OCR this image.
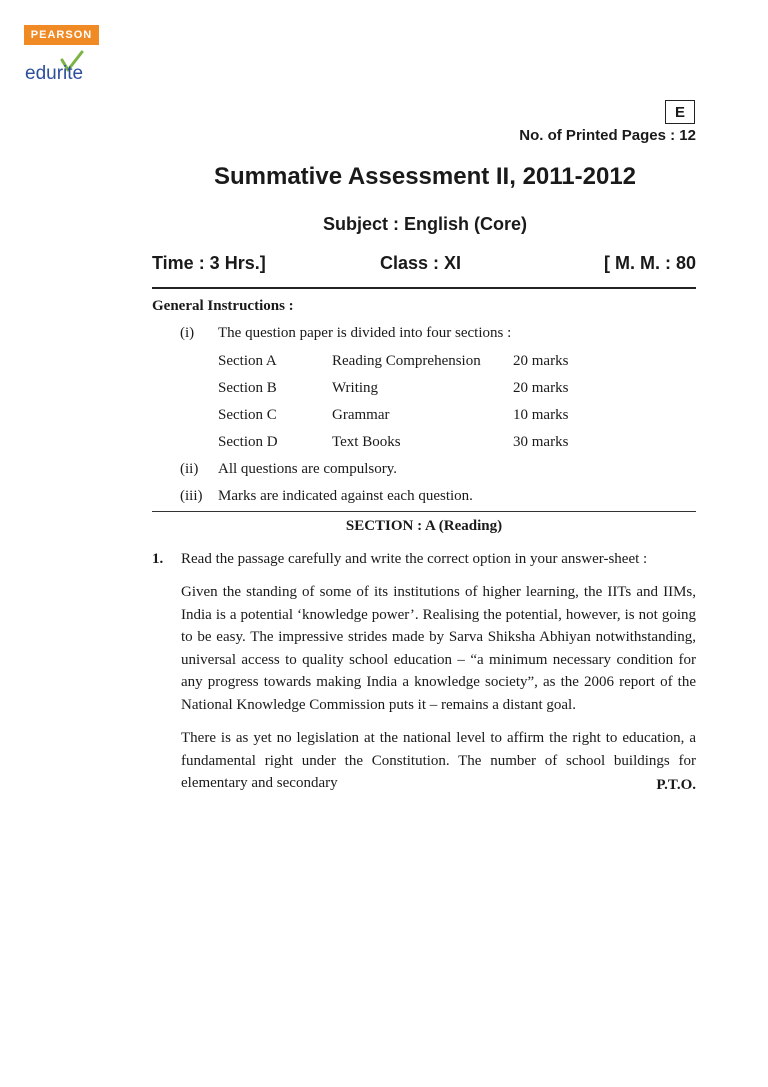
PEARSON
edurite
E
No. of Printed Pages : 12
Summative Assessment II, 2011-2012
Subject : English (Core)
Time : 3 Hrs.]	Class : XI	[ M. M. : 80
General Instructions :
(i) The question paper is divided into four sections :
Section A	Reading Comprehension 20 marks
Section B	Writing	20 marks
Section C	Grammar	10 marks
Section D	Text Books	30 marks
(ii) All questions are compulsory.
(iii) Marks are indicated against each question.
SECTION : A (Reading)
1. Read the passage carefully and write the correct option in your answer-sheet :
Given the standing of some of its institutions of higher learning, the IITs and IIMs, India is a potential ‘knowledge power’. Realising the potential, however, is not going to be easy. The impressive strides made by Sarva Shiksha Abhiyan notwithstanding, universal access to quality school education – “a minimum necessary condition for any progress towards making India a knowledge society”, as the 2006 report of the National Knowledge Commission puts it – remains a distant goal.
There is as yet no legislation at the national level to affirm the right to education, a fundamental right under the Constitution. The number of school buildings for elementary and secondary	P.T.O.
